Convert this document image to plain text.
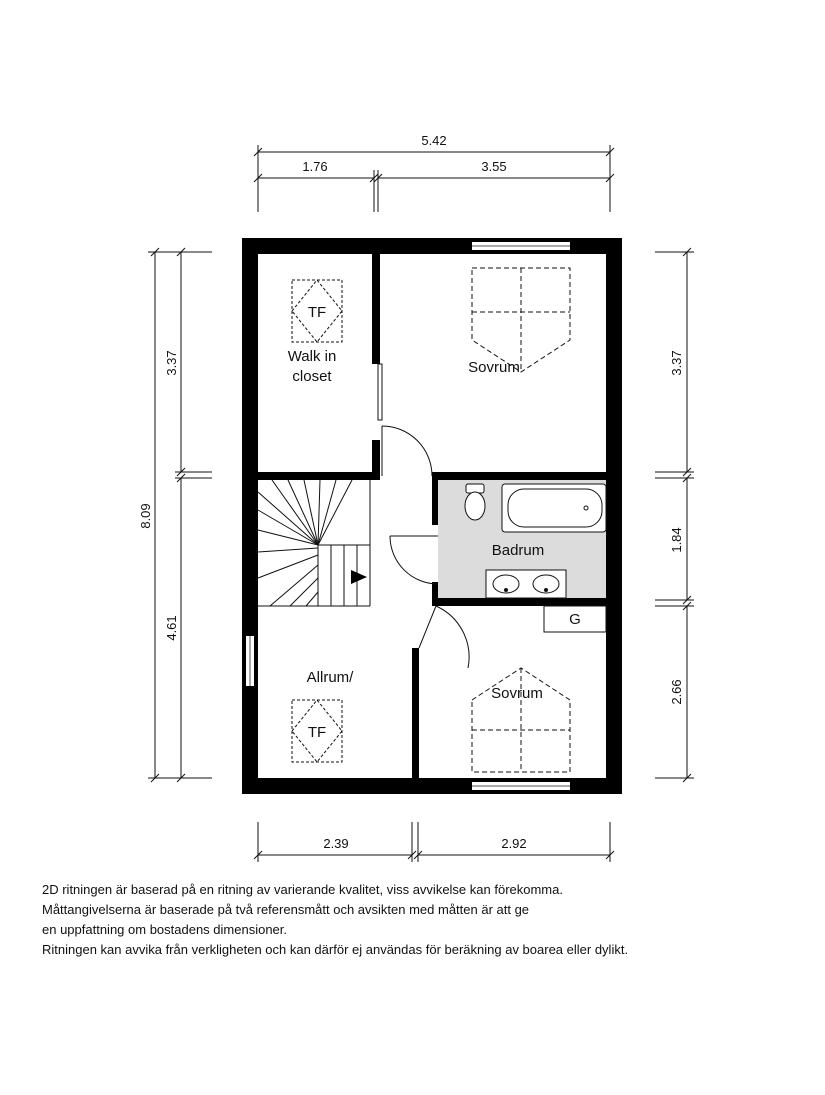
5.42
1.76	3.55
8.09
3.37
4.61
3.37
1.84
2.66
2.39	2.92
TF
TF
G
Walk in
closet
Sovrum
Badrum
Allrum/
Sovrum
2D ritningen är baserad på en ritning av varierande kvalitet, viss avvikelse kan förekomma.
Måttangivelserna är baserade på två referensmått och avsikten med måtten är att ge
en uppfattning om bostadens dimensioner.
Ritningen kan avvika från verkligheten och kan därför ej användas för beräkning av boarea eller dylikt.
